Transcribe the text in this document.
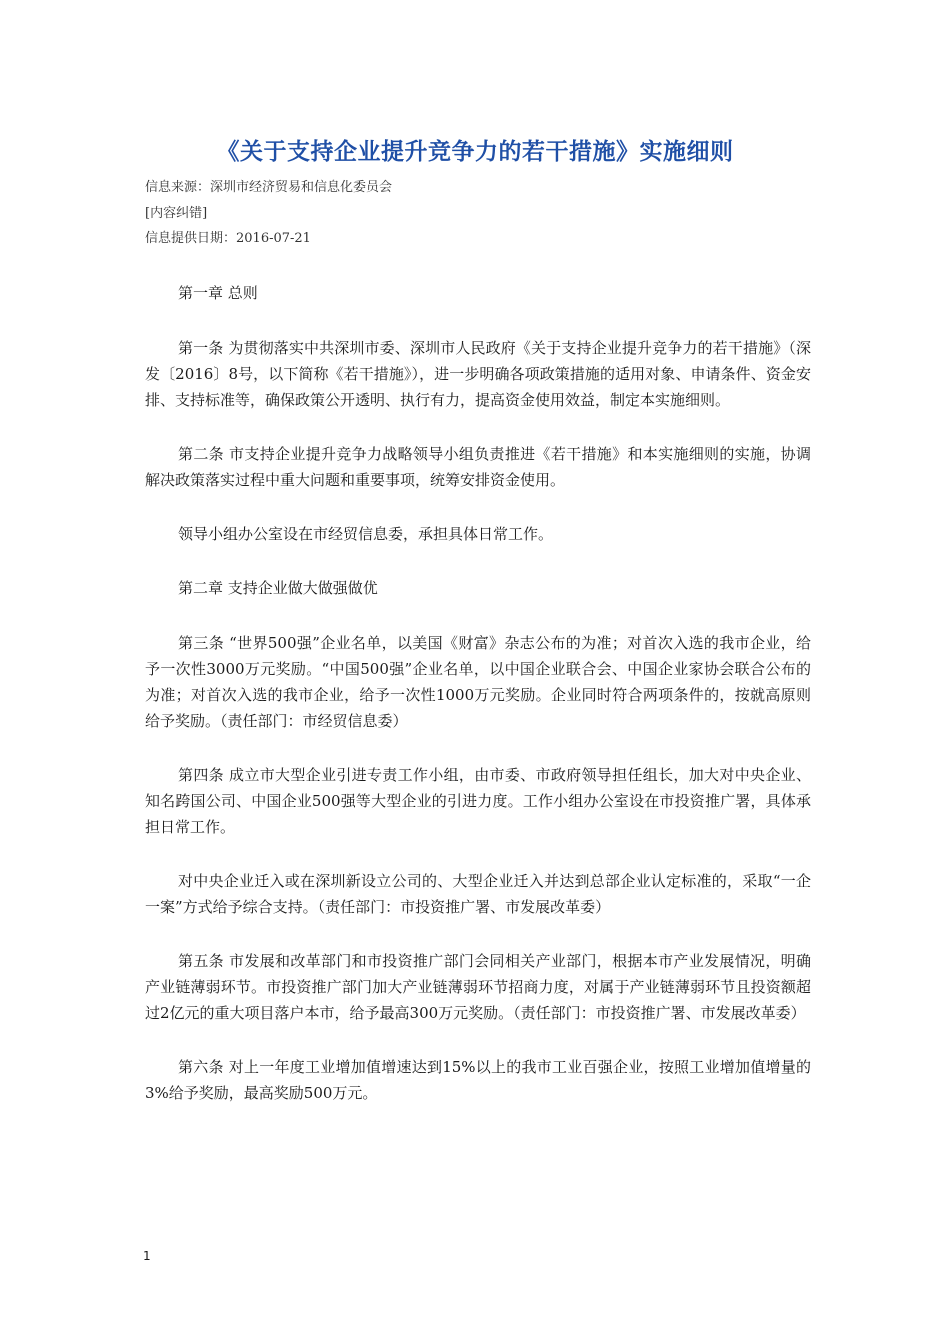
《关于支持企业提升竞争力的若干措施》实施细则
信息来源：深圳市经济贸易和信息化委员会
[内容纠错]
信息提供日期：2016-07-21

第一章 总则

第一条 为贯彻落实中共深圳市委、深圳市人民政府《关于支持企业提升竞争力的若干措施》（深发〔2016〕8号，以下简称《若干措施》），进一步明确各项政策措施的适用对象、申请条件、资金安排、支持标准等，确保政策公开透明、执行有力，提高资金使用效益，制定本实施细则。

第二条 市支持企业提升竞争力战略领导小组负责推进《若干措施》和本实施细则的实施，协调解决政策落实过程中重大问题和重要事项，统筹安排资金使用。

领导小组办公室设在市经贸信息委，承担具体日常工作。

第二章 支持企业做大做强做优

第三条 “世界500强”企业名单，以美国《财富》杂志公布的为准；对首次入选的我市企业，给予一次性3000万元奖励。“中国500强”企业名单，以中国企业联合会、中国企业家协会联合公布的为准；对首次入选的我市企业，给予一次性1000万元奖励。企业同时符合两项条件的，按就高原则给予奖励。（责任部门：市经贸信息委）

第四条 成立市大型企业引进专责工作小组，由市委、市政府领导担任组长，加大对中央企业、知名跨国公司、中国企业500强等大型企业的引进力度。工作小组办公室设在市投资推广署，具体承担日常工作。

对中央企业迁入或在深圳新设立公司的、大型企业迁入并达到总部企业认定标准的，采取“一企一案”方式给予综合支持。（责任部门：市投资推广署、市发展改革委）

第五条 市发展和改革部门和市投资推广部门会同相关产业部门，根据本市产业发展情况，明确产业链薄弱环节。市投资推广部门加大产业链薄弱环节招商力度，对属于产业链薄弱环节且投资额超过2亿元的重大项目落户本市，给予最高300万元奖励。（责任部门：市投资推广署、市发展改革委）

第六条 对上一年度工业增加值增速达到15%以上的我市工业百强企业，按照工业增加值增量的3%给予奖励，最高奖励500万元。

1
